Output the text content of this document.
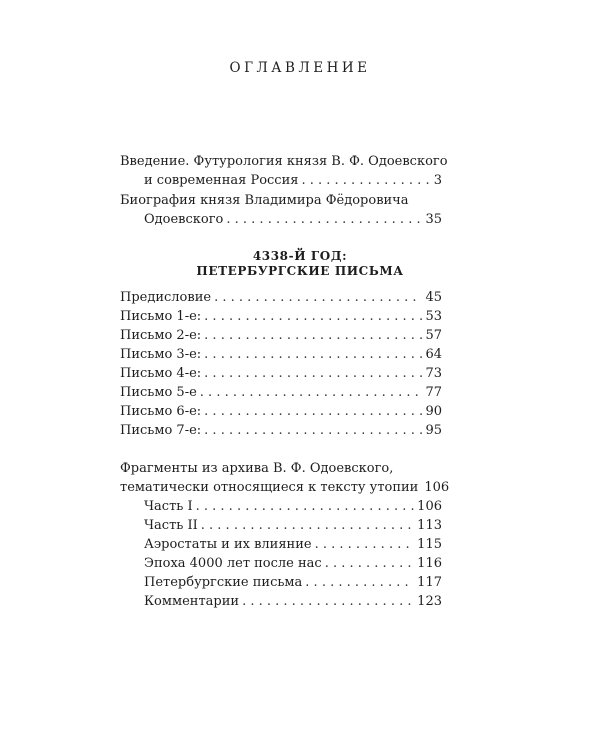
ОГЛАВЛЕНИЕ
Введение. Футурология князя В. Ф. Одоевского
и современная Россия . . .	3
Биография князя Владимира Фёдоровича
Одоевского . . .	35
4338-Й ГОД:
ПЕТЕРБУРГСКИЕ ПИСЬМА
Предисловие . . .	45
Письмо 1-е: . . .	53
Письмо 2-е: . . .	57
Письмо 3-е: . . .	64
Письмо 4-е: . . .	73
Письмо 5-е . . .	77
Письмо 6-е: . . .	90
Письмо 7-е: . . .	95
Фрагменты из архива В. Ф. Одоевского,
тематически относящиеся к тексту утопии 106
Часть I . . .	106
Часть II . . .	113
Аэростаты и их влияние . . .	115
Эпоха 4000 лет после нас . . .	116
Петербургские письма . . .	117
Комментарии . . .	123
